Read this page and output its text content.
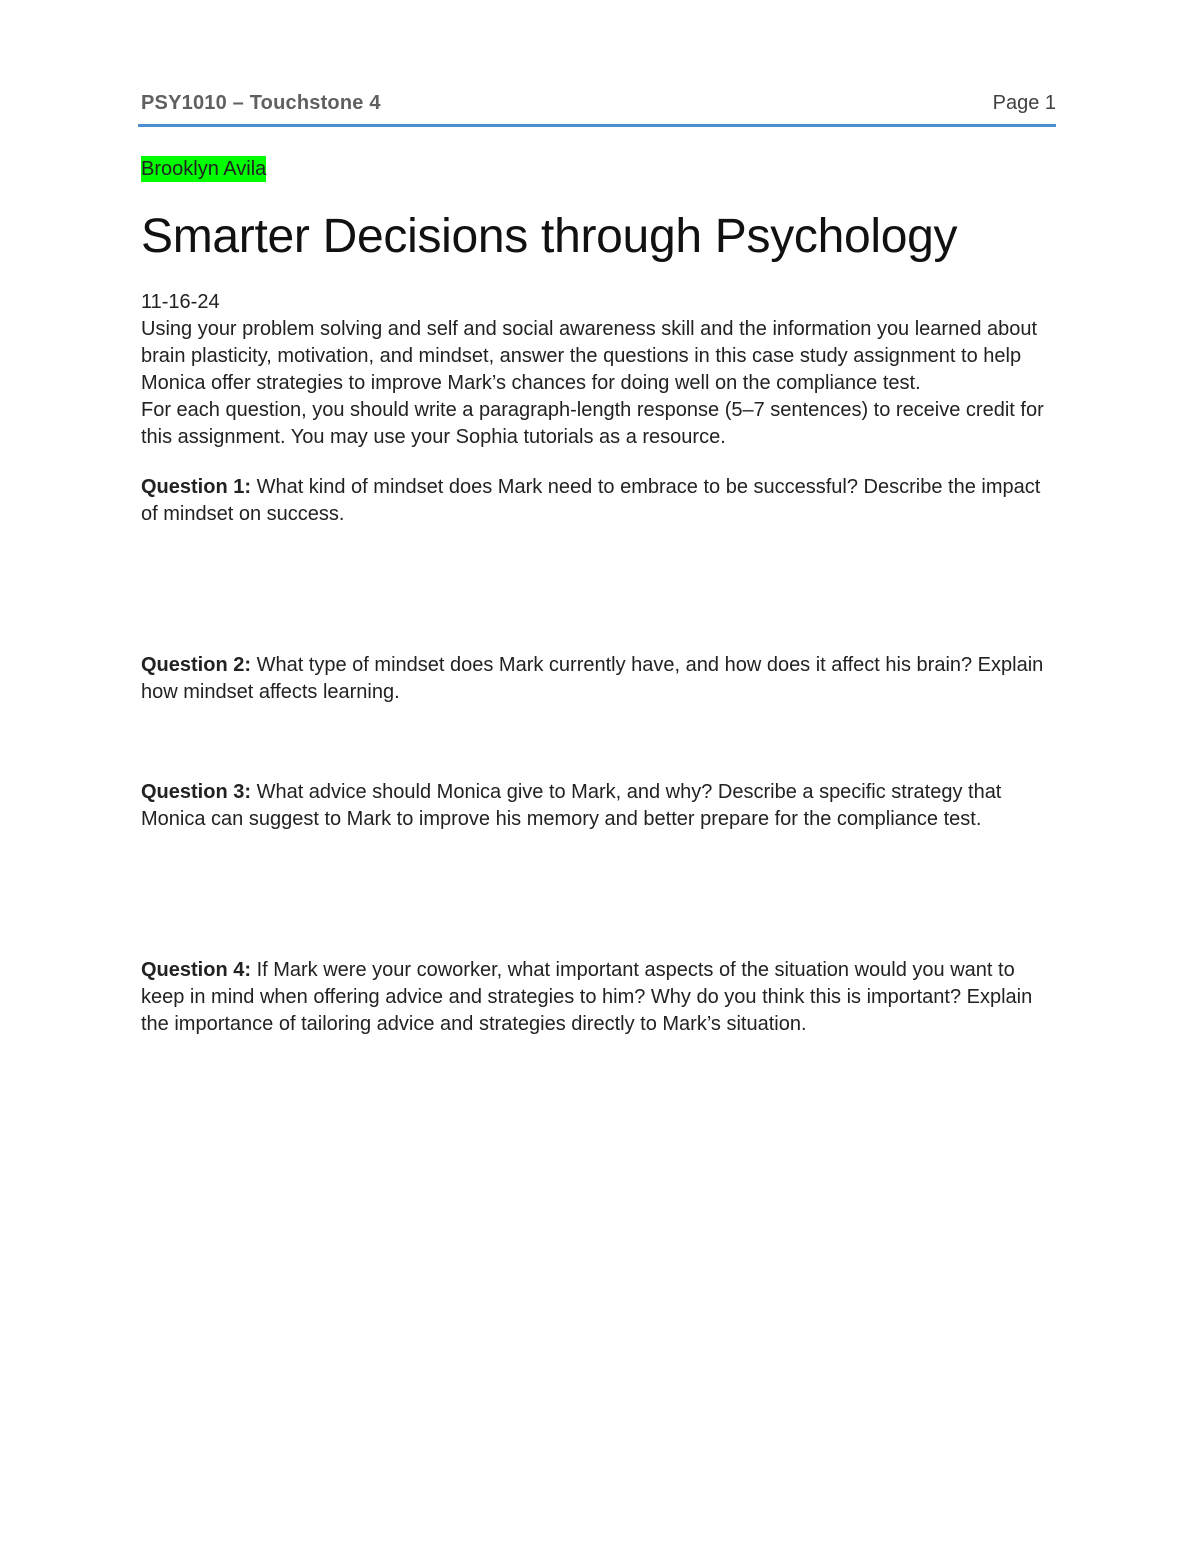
PSY1010 – Touchstone 4	Page 1
Brooklyn Avila
Smarter Decisions through Psychology

11-16-24

Using your problem solving and self and social awareness skill and the information you learned about brain plasticity, motivation, and mindset, answer the questions in this case study assignment to help Monica offer strategies to improve Mark’s chances for doing well on the compliance test.

For each question, you should write a paragraph-length response (5–7 sentences) to receive credit for this assignment. You may use your Sophia tutorials as a resource.

Question 1: What kind of mindset does Mark need to embrace to be successful? Describe the impact of mindset on success.

Question 2: What type of mindset does Mark currently have, and how does it affect his brain? Explain how mindset affects learning.

Question 3: What advice should Monica give to Mark, and why? Describe a specific strategy that Monica can suggest to Mark to improve his memory and better prepare for the compliance test.

Question 4: If Mark were your coworker, what important aspects of the situation would you want to keep in mind when offering advice and strategies to him? Why do you think this is important? Explain the importance of tailoring advice and strategies directly to Mark’s situation.
